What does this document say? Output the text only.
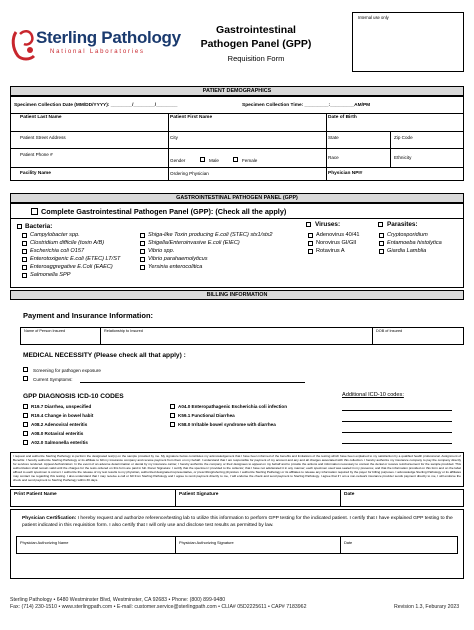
Sterling Pathology
National Laboratories
Gastrointestinal
Pathogen Panel (GPP)
Requisition Form
Internal use only
PATIENT DEMOGRAPHICS
Specimen Collection Date (MM/DD/YYYY): ________/________/________	Specimen Collection Time: _________:_________AM/PM
Patient Last Name	Patient First Name	Date of Birth
Patient Street Address	City	State	Zip Code
Patient Phone #
Gender	Male	Female
Race	Ethnicity
Facility Name	Ordering Physician	Physician NPI#
GASTROINTESTINAL PATHOGEN PANEL (GPP)
Complete Gastrointestinal Pathogen Panel (GPP): (Check all the apply)
Bacteria:
Campylobacter spp.
Clostridium difficile (toxin A/B)
Escherichia coli O157
Enterotoxigenic E.coli (ETEC) LT/ST
Enteroaggregative E.Coli (EAEC)
Salmonella SPP
Shiga-like Toxin producing E.coli (STEC) stx1/stx2
Shigella/Enteroinvasive E.coli (EIEC)
Vibrio spp.
Vibrio parahaemolyticus
Yersinia enterocolitica
Viruses:
Adenovirus 40/41
Norovirus GI/GII
Rotavirus A
Parasites:
Cryptosporidium
Entamoeba histolytica
Giardia Lamblia
BILLING INFORMATION
Payment and Insurance Information:
Name of Person Insured	Relationship to Insured	DOB of Insured
MEDICAL NECESSITY (Please check all that apply) :
Screening for pathogen exposure
Current Symptoms:
GPP DIAGNOSIS ICD-10 CODES	Additional ICD-10 codes:
R19.7 Diarrhea, unspecified
R19.4 Change in bowel habit
A08.2 Adenoviral enteritis
A08.0 Rotaviral enteritis
A02.0 Salmonella enteritis
A04.0 Enteropathagenic Escherichia coli infection
K59.1 Functional Diarrhea
K58.0 Irritable bowel syndrome with diarrhea
I request and authorize Sterling Pathology to perform the designated test(s) on the sample provided by me. My signature below constitutes my acknowledgement that I have been informed of the benefits and limitations of the testing which have been explained to my satisfaction by a qualified health professional. Assignment of Benefits: I hereby authorize Sterling Pathology or its affiliate to bill my insurance company and receive payment from them on my behalf. I understand that I am responsible for payment of my account and any and all charges associated with this collection. I hereby authorize my insurance company to pay the company directly for services rendered. Appeal Authorization: In the event of an adverse determination or denial by my insurance carrier, I hereby authorize the company or their designees to appeal on my behalf and to provide the actions and information necessary to contest the denial or receive reimbursement for the sample provided. This authorization shall remain valid until the charges for the tests ordered on this form are paid in full. Donor Signature: I certify that the specimen I provided to the collector; that I have not adulterated it in any manner; each specimen used was sealed in my presence; and that the information provided on this form and on the label affixed to each specimen is correct. I authorize the release of my test results to my physician, authorized designated representative, or prescribing/referring physician. I authorize Sterling Pathology or its affiliates to release any information required by the payer for billing purposes. I acknowledge Sterling Pathology or its affiliates may contact me regarding this testing. I also understand that I may receive a call or bill from Sterling Pathology and I agree to remit payment directly to me, I will endorse the check and send payment to Sterling Pathology. I agree that if I am a non-network insurance provider sends payment directly to me, I will endorse the check and send payment to Sterling Pathology within 30 days.
Print Patient Name	Patient Signature	Date
Physician Certification: I hereby request and authorize reference/testing lab to utilize this information to perform GPP testing for the indicated patient. I certify that I have explained GPP testing to the patient indicated in this requisition form. I also certify that I will only use and disclose test results as permitted by law.
Physician Authorizing Name	Physician Authorizing Signature	Date
Sterling Pathology • 6480 Westminster Blvd, Westminster, CA 92683 • Phone: (800) 899-9480
Fax: (714) 230-1510 • www.sterlingpath.com • E-mail: customer.service@sterlingpath.com • CLIA# 05D2225611 • CAP# 7183962	Revision 1.3, Feburary 2023
